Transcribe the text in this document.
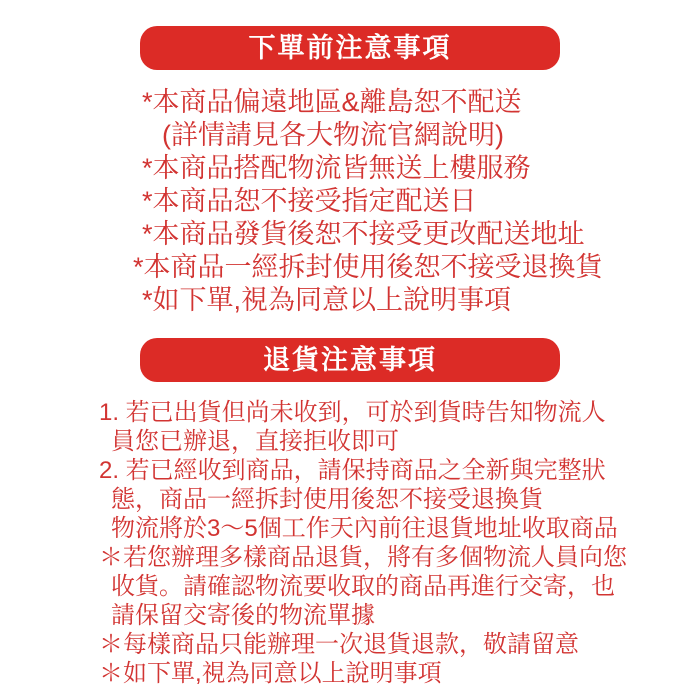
下單前注意事項
*本商品偏遠地區&離島恕不配送
(詳情請見各大物流官網說明)
*本商品搭配物流皆無送上樓服務
*本商品恕不接受指定配送日
*本商品發貨後恕不接受更改配送地址
*本商品一經拆封使用後恕不接受退換貨
*如下單,視為同意以上說明事項
退貨注意事項
1. 若已出貨但尚未收到，可於到貨時告知物流人
員您已辦退，直接拒收即可
2. 若已經收到商品，請保持商品之全新與完整狀
態，商品一經拆封使用後恕不接受退換貨
物流將於3～5個工作天內前往退貨地址收取商品
＊若您辦理多樣商品退貨，將有多個物流人員向您
收貨。請確認物流要收取的商品再進行交寄，也
請保留交寄後的物流單據
＊每樣商品只能辦理一次退貨退款，敬請留意
＊如下單,視為同意以上說明事項
